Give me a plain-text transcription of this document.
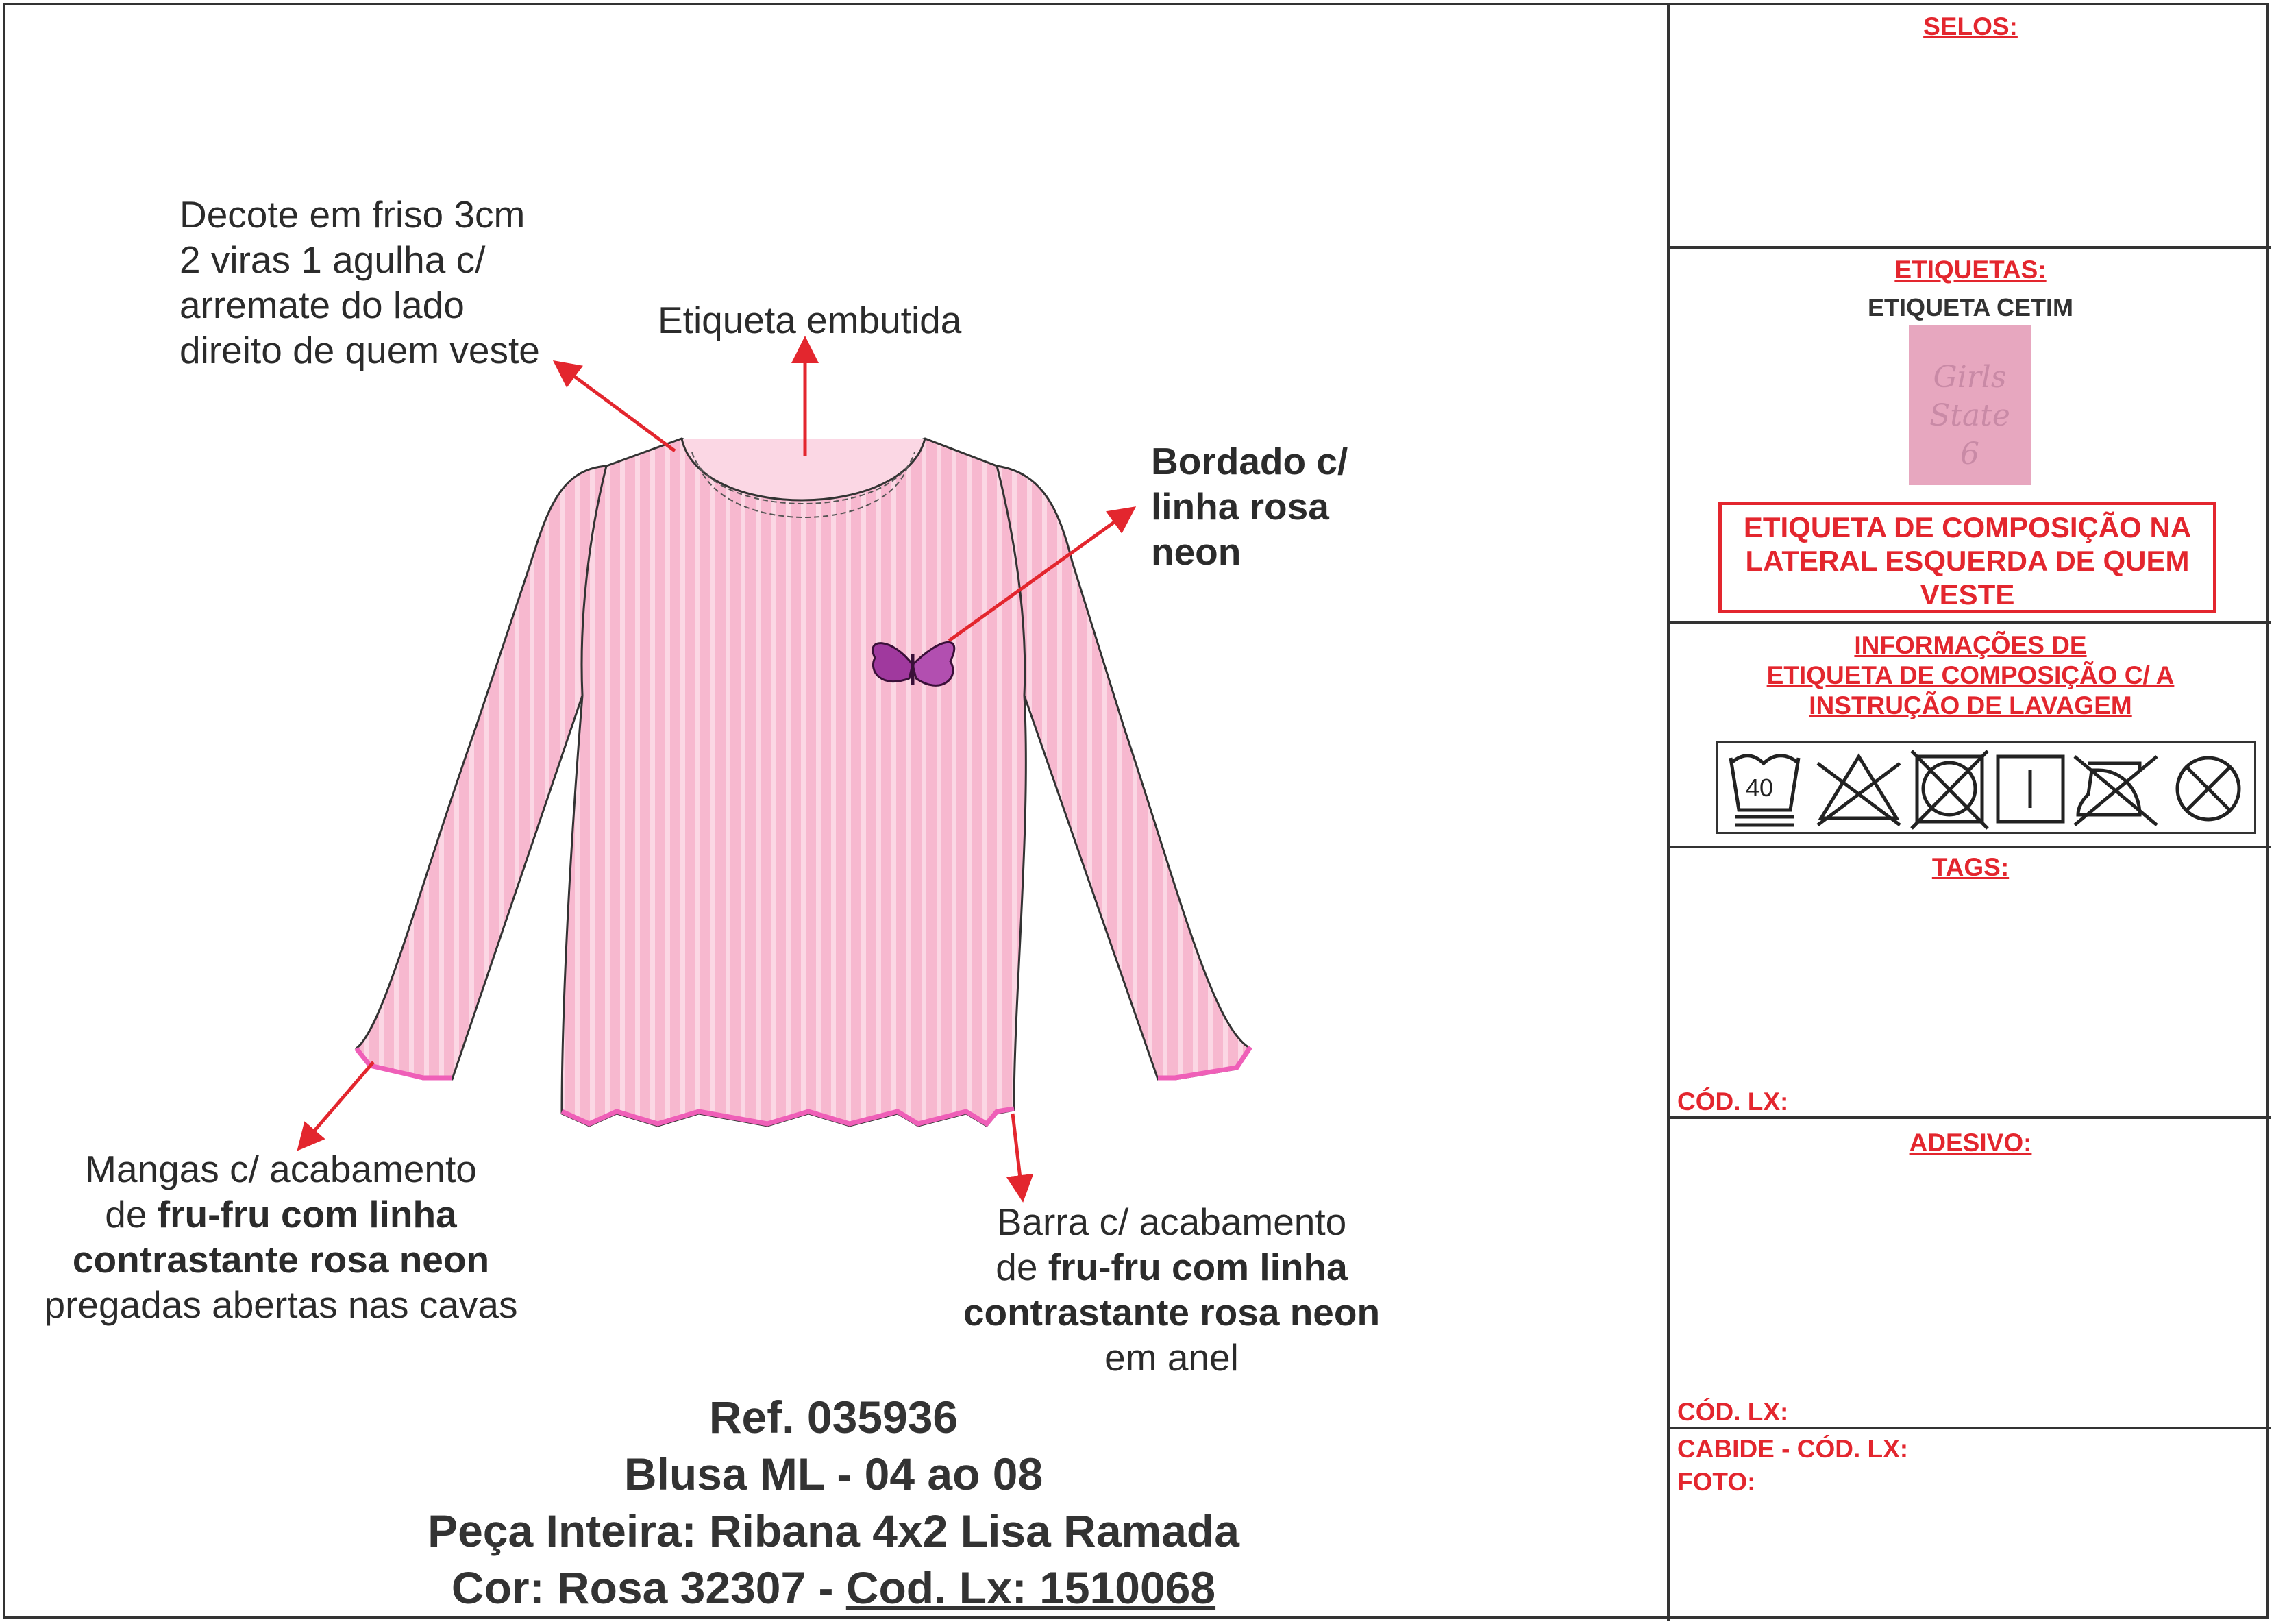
Decote em friso 3cm
2 viras 1 agulha c/
arremate do lado
direito de quem veste
Etiqueta embutida
Bordado c/
linha rosa
neon
Mangas c/ acabamento
de fru-fru com linha
contrastante rosa neon
pregadas abertas nas cavas
Barra c/ acabamento
de fru-fru com linha
contrastante rosa neon
em anel
Ref. 035936
Blusa ML - 04 ao 08
Peça Inteira: Ribana 4x2 Lisa Ramada
Cor: Rosa 32307 - Cod. Lx: 1510068
SELOS:
ETIQUETAS:
ETIQUETA CETIM
Girls
State
6
ETIQUETA DE COMPOSIÇÃO NA
LATERAL ESQUERDA DE QUEM
VESTE
INFORMAÇÕES DE
ETIQUETA DE COMPOSIÇÃO C/ A
INSTRUÇÃO DE LAVAGEM
40
TAGS:
CÓD. LX:
ADESIVO:
CÓD. LX:
CABIDE - CÓD. LX:
FOTO:
